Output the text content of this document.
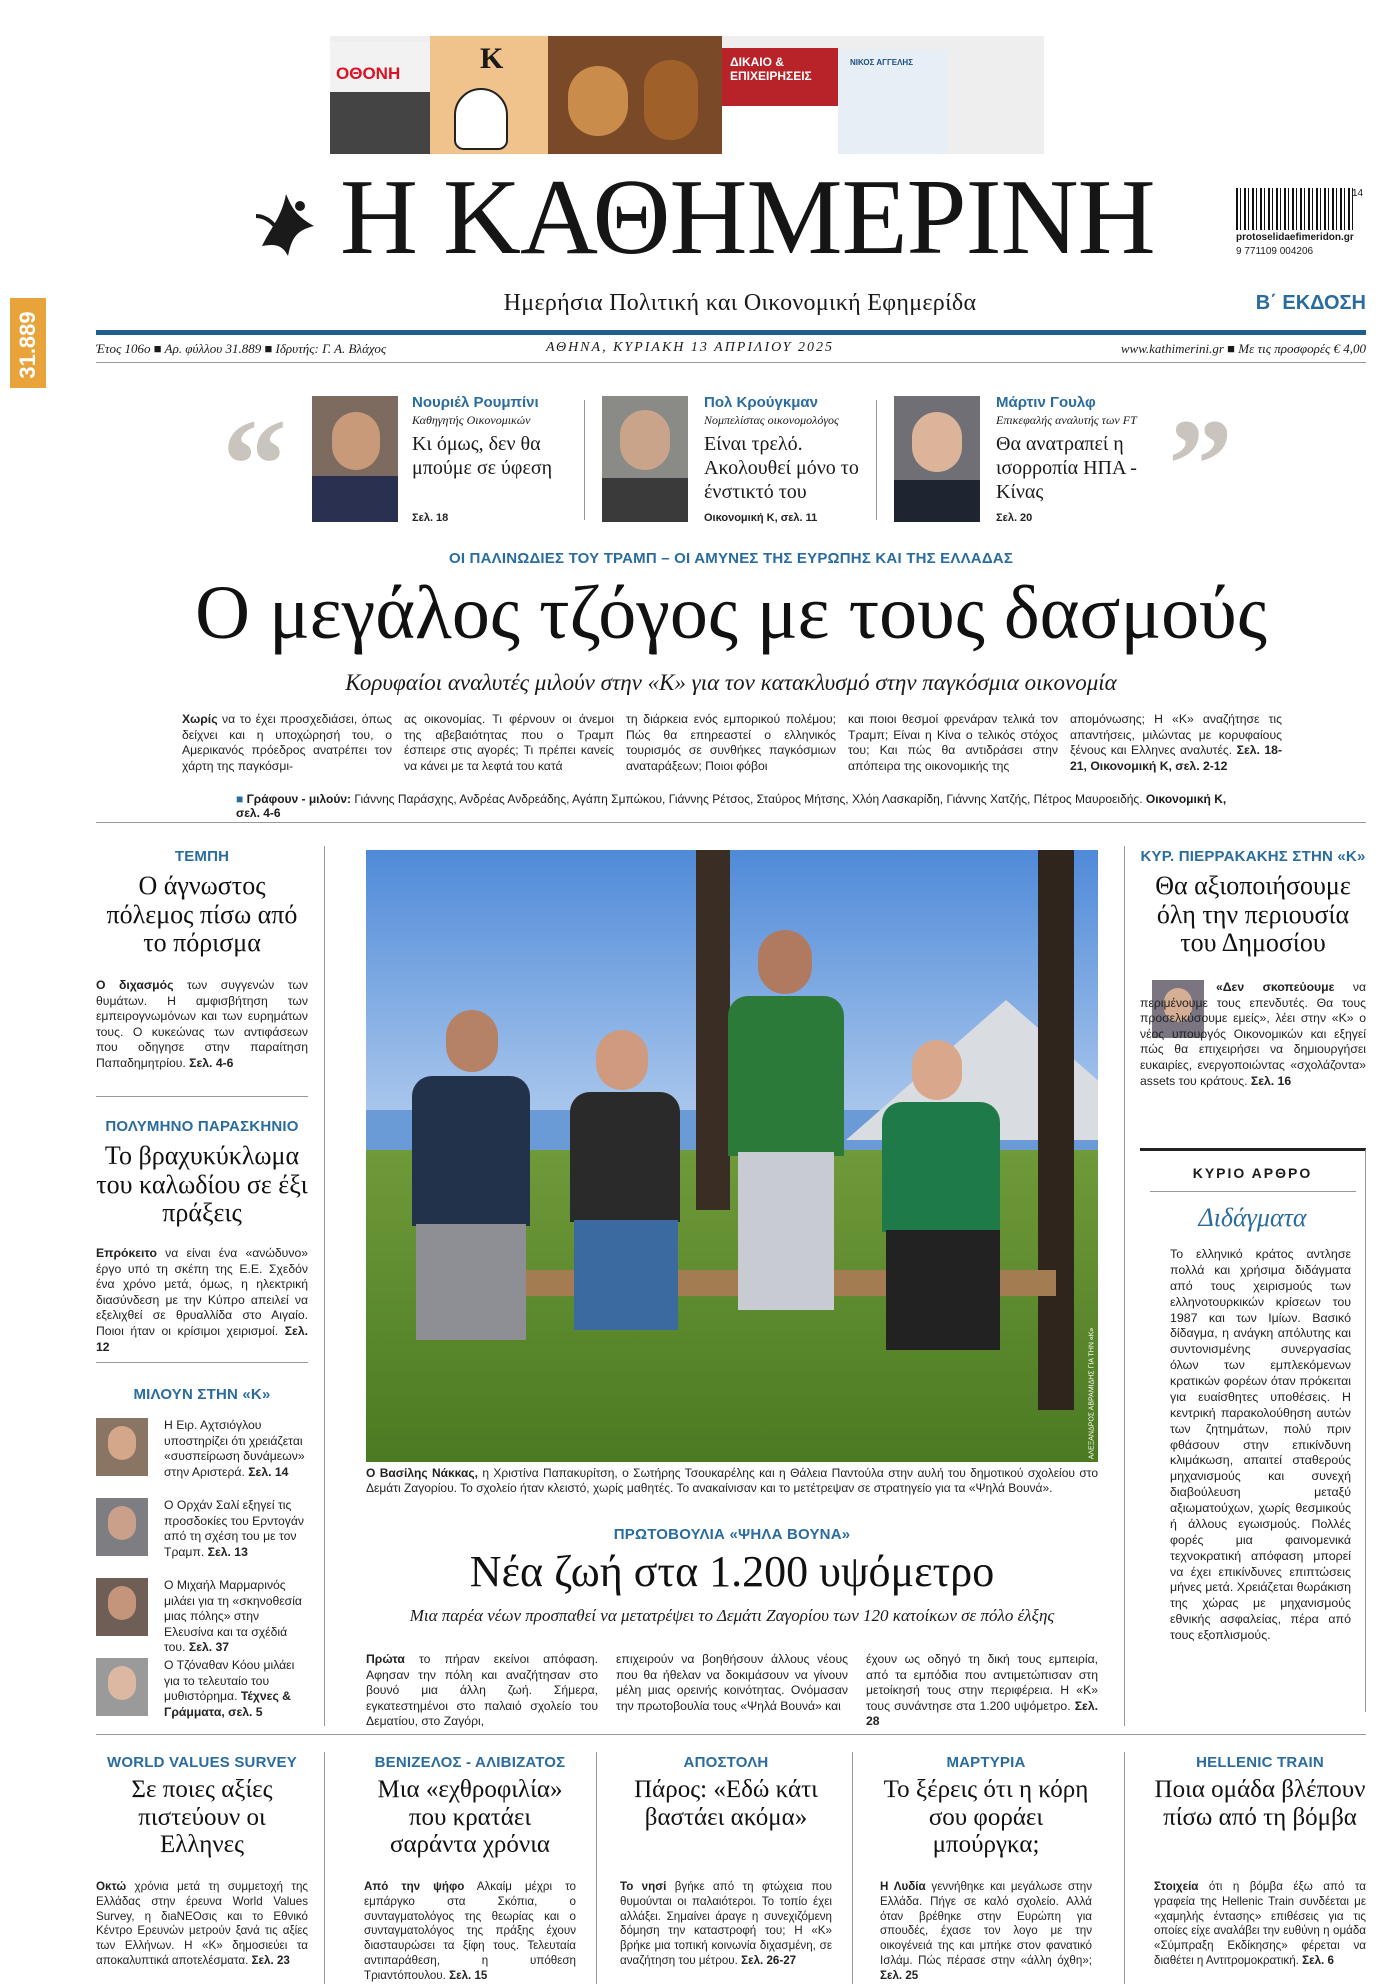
ΟΘΟΝΗ	K	ΔΙΚΑΙΟ & ΕΠΙΧΕΙΡΗΣΕΙΣ
ΝΙΚΟΣ ΑΓΓΕΛΗΣ
31.889
Η ΚΑΘΗΜΕΡΙΝΗ	14
protoselidaefimeridon.gr
9 771109 004206
Ημερήσια Πολιτική και Οικονομική Εφημερίδα	Β΄ ΕΚΔΟΣΗ
Έτος 106ο ■ Αρ. φύλλου 31.889 ■ Ιδρυτής: Γ. Α. Βλάχος	ΑΘΗΝΑ, ΚΥΡΙΑΚΗ 13 ΑΠΡΙΛΙΟΥ 2025	www.kathimerini.gr ■ Με τις προσφορές € 4,00
“	”
Νουριέλ Ρουμπίνι
Καθηγητής Οικονομικών
Κι όμως, δεν θα μπούμε σε ύφεση
Σελ. 18
Πολ Κρούγκμαν
Νομπελίστας οικονομολόγος
Είναι τρελό. Ακολουθεί μόνο το ένστικτό του
Οικονομική Κ, σελ. 11
Μάρτιν Γουλφ
Επικεφαλής αναλυτής των FT
Θα ανατραπεί η ισορροπία ΗΠΑ - Κίνας
Σελ. 20
ΟΙ ΠΑΛΙΝΩΔΙΕΣ ΤΟΥ ΤΡΑΜΠ – ΟΙ ΑΜΥΝΕΣ ΤΗΣ ΕΥΡΩΠΗΣ ΚΑΙ ΤΗΣ ΕΛΛΑΔΑΣ
Ο μεγάλος τζόγος με τους δασμούς
Κορυφαίοι αναλυτές μιλούν στην «Κ» για τον κατακλυσμό στην παγκόσμια οικονομία
Χωρίς να το έχει προσχεδιάσει, όπως δείχνει και η υποχώρησή του, ο Αμερικανός πρόεδρος ανατρέπει τον χάρτη της παγκόσμι-
ας οικονομίας. Τι φέρνουν οι άνεμοι της αβεβαιότητας που ο Τραμπ έσπειρε στις αγορές; Τι πρέπει κανείς να κάνει με τα λεφτά του κατά
τη διάρκεια ενός εμπορικού πολέμου; Πώς θα επηρεαστεί ο ελληνικός τουρισμός σε συνθήκες παγκόσμιων αναταράξεων; Ποιοι φόβοι
και ποιοι θεσμοί φρενάραν τελικά τον Τραμπ; Είναι η Κίνα ο τελικός στόχος του; Και πώς θα αντιδράσει στην απόπειρα της οικονομικής της
απομόνωσης; Η «Κ» αναζήτησε τις απαντήσεις, μιλώντας με κορυφαίους ξένους και Ελληνες αναλυτές. Σελ. 18-21, Οικονομική Κ, σελ. 2-12
■ Γράφουν - μιλούν: Γιάννης Παράσχης, Ανδρέας Ανδρεάδης, Αγάπη Σμπώκου, Γιάννης Ρέτσος, Σταύρος Μήτσης, Χλόη Λασκαρίδη, Γιάννης Χατζής, Πέτρος Μαυροειδής. Οικονομική Κ, σελ. 4-6
ΤΕΜΠΗ
Ο άγνωστος πόλεμος πίσω από το πόρισμα
Ο διχασμός των συγγενών των θυμάτων. Η αμφισβήτηση των εμπειρογνωμόνων και των ευρημάτων τους. Ο κυκεώνας των αντιφάσεων που οδηγησε στην παραίτηση Παπαδημητρίου. Σελ. 4-6
ΠΟΛΥΜΗΝΟ ΠΑΡΑΣΚΗΝΙΟ
Το βραχυκύκλωμα του καλωδίου σε έξι πράξεις
Επρόκειτο να είναι ένα «ανώδυνο» έργο υπό τη σκέπη της Ε.Ε. Σχεδόν ένα χρόνο μετά, όμως, η ηλεκτρική διασύνδεση με την Κύπρο απειλεί να εξελιχθεί σε θρυαλλίδα στο Αιγαίο. Ποιοι ήταν οι κρίσιμοι χειρισμοί. Σελ. 12
ΜΙΛΟΥΝ ΣΤΗΝ «Κ»
Η Ειρ. Αχτσιόγλου υποστηρίζει ότι χρειάζεται «συσπείρωση δυνάμεων» στην Αριστερά. Σελ. 14
Ο Ορχάν Σαλί εξηγεί τις προσδοκίες του Ερντογάν από τη σχέση του με τον Τραμπ. Σελ. 13
Ο Μιχαήλ Μαρμαρινός μιλάει για τη «σκηνοθεσία μιας πόλης» στην Ελευσίνα και τα σχέδιά του. Σελ. 37
Ο Τζόναθαν Κόου μιλάει για το τελευταίο του μυθιστόρημα. Τέχνες & Γράμματα, σελ. 5
ΑΛΕΞΑΝΔΡΟΣ ΑΒΡΑΜΙΔΗΣ ΓΙΑ ΤΗΝ «Κ»
Ο Βασίλης Νάκκας, η Χριστίνα Παπακυρίτση, ο Σωτήρης Τσουκαρέλης και η Θάλεια Παντούλα στην αυλή του δημοτικού σχολείου στο Δεμάτι Ζαγορίου. Το σχολείο ήταν κλειστό, χωρίς μαθητές. Το ανακαίνισαν και το μετέτρεψαν σε στρατηγείο για τα «Ψηλά Βουνά».
ΠΡΩΤΟΒΟΥΛΙΑ «ΨΗΛΑ ΒΟΥΝΑ»
Νέα ζωή στα 1.200 υψόμετρο
Μια παρέα νέων προσπαθεί να μετατρέψει το Δεμάτι Ζαγορίου των 120 κατοίκων σε πόλο έλξης
Πρώτα το πήραν εκείνοι απόφαση. Αφησαν την πόλη και αναζήτησαν στο βουνό μια άλλη ζωή. Σήμερα, εγκατεστημένοι στο παλαιό σχολείο του Δεματίου, στο Ζαγόρι,
επιχειρούν να βοηθήσουν άλλους νέους που θα ήθελαν να δοκιμάσουν να γίνουν μέλη μιας ορεινής κοινότητας. Ονόμασαν την πρωτοβουλία τους «Ψηλά Βουνά» και
έχουν ως οδηγό τη δική τους εμπειρία, από τα εμπόδια που αντιμετώπισαν στη μετοίκησή τους στην περιφέρεια. Η «Κ» τους συνάντησε στα 1.200 υψόμετρο. Σελ. 28
ΚΥΡ. ΠΙΕΡΡΑΚΑΚΗΣ ΣΤΗΝ «Κ»
Θα αξιοποιήσουμε όλη την περιουσία του Δημοσίου
«Δεν σκοπεύουμε να περιμένουμε τους επενδυτές. Θα τους προσελκύσουμε εμείς», λέει στην «Κ» ο νέος υπουργός Οικονομικών και εξηγεί πώς θα επιχειρήσει να δημιουργήσει ευκαιρίες, ενεργοποιώντας «σχολάζοντα» assets του κράτους. Σελ. 16
ΚΥΡΙΟ ΑΡΘΡΟ
Διδάγματα
Το ελληνικό κράτος αντλησε πολλά και χρήσιμα διδάγματα από τους χειρισμούς των ελληνοτουρκικών κρίσεων του 1987 και των Ιμίων. Βασικό δίδαγμα, η ανάγκη απόλυτης και συντονισμένης συνεργασίας όλων των εμπλεκόμενων κρατικών φορέων όταν πρόκειται για ευαίσθητες υποθέσεις. Η κεντρική παρακολούθηση αυτών των ζητημάτων, πολύ πριν φθάσουν στην επικίνδυνη κλιμάκωση, απαιτεί σταθερούς μηχανισμούς και συνεχή διαβούλευση μεταξύ αξιωματούχων, χωρίς θεσμικούς ή άλλους εγωισμούς. Πολλές φορές μια φαινομενικά τεχνοκρατική απόφαση μπορεί να έχει επικίνδυνες επιπτώσεις μήνες μετά. Χρειάζεται θωράκιση της χώρας με μηχανισμούς εθνικής ασφαλείας, πέρα από τους εξοπλισμούς.
WORLD VALUES SURVEY
Σε ποιες αξίες πιστεύουν οι Ελληνες
Οκτώ χρόνια μετά τη συμμετοχή της Ελλάδας στην έρευνα World Values Survey, η διaNEOσις και το Εθνικό Κέντρο Ερευνών μετρούν ξανά τις αξίες των Ελλήνων. Η «Κ» δημοσιεύει τα αποκαλυπτικά αποτελέσματα. Σελ. 23
ΒΕΝΙΖΕΛΟΣ - ΑΛΙΒΙΖΑΤΟΣ
Μια «εχθροφιλία» που κρατάει σαράντα χρόνια
Από την ψήφο Αλκαίμ μέχρι το εμπάργκο στα Σκόπια, ο συνταγματολόγος της θεωρίας και ο συνταγματολόγος της πράξης έχουν διασταυρώσει τα ξίφη τους. Τελευταία αντιπαράθεση, η υπόθεση Τριαντόπουλου. Σελ. 15
ΑΠΟΣΤΟΛΗ
Πάρος: «Εδώ κάτι βαστάει ακόμα»
Το νησί βγήκε από τη φτώχεια που θυμούνται οι παλαιότεροι. Το τοπίο έχει αλλάξει. Σημαίνει άραγε η συνεχιζόμενη δόμηση την καταστροφή του; Η «Κ» βρήκε μια τοπική κοινωνία διχασμένη, σε αναζήτηση του μέτρου. Σελ. 26-27
ΜΑΡΤΥΡΙΑ
Το ξέρεις ότι η κόρη σου φοράει μπούργκα;
Η Λυδία γεννήθηκε και μεγάλωσε στην Ελλάδα. Πήγε σε καλό σχολείο. Αλλά όταν βρέθηκε στην Ευρώπη για σπουδές, έχασε τον λογο με την οικογένειά της και μπήκε στον φανατικό Ισλάμ. Πώς πέρασε στην «άλλη όχθη»; Σελ. 25
HELLENIC TRAIN
Ποια ομάδα βλέπουν πίσω από τη βόμβα
Στοιχεία ότι η βόμβα έξω από τα γραφεία της Hellenic Train συνδέεται με «χαμηλής έντασης» επιθέσεις για τις οποίες είχε αναλάβει την ευθύνη η ομάδα «Σύμπραξη Εκδίκησης» φέρεται να διαθέτει η Αντιτρομοκρατική. Σελ. 6
